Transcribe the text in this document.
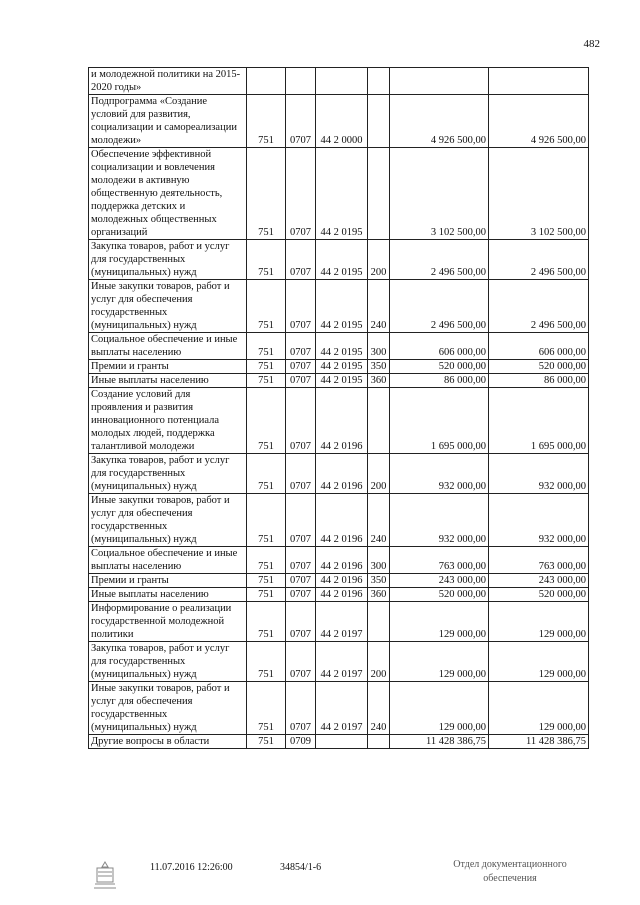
482
и молодежной политики на 2015-2020 годы»						
Подпрограмма «Создание условий для развития, социализации и самореализации молодежи»	751	0707	44 2 0000		4 926 500,00	4 926 500,00
Обеспечение эффективной социализации и вовлечения молодежи в активную общественную деятельность, поддержка детских и молодежных общественных организаций	751	0707	44 2 0195		3 102 500,00	3 102 500,00
Закупка товаров, работ и услуг для государственных (муниципальных) нужд	751	0707	44 2 0195	200	2 496 500,00	2 496 500,00
Иные закупки товаров, работ и услуг для обеспечения государственных (муниципальных) нужд	751	0707	44 2 0195	240	2 496 500,00	2 496 500,00
Социальное обеспечение и иные выплаты населению	751	0707	44 2 0195	300	606 000,00	606 000,00
Премии и гранты	751	0707	44 2 0195	350	520 000,00	520 000,00
Иные выплаты населению	751	0707	44 2 0195	360	86 000,00	86 000,00
Создание условий для проявления и развития инновационного потенциала молодых людей, поддержка талантливой молодежи	751	0707	44 2 0196		1 695 000,00	1 695 000,00
Закупка товаров, работ и услуг для государственных (муниципальных) нужд	751	0707	44 2 0196	200	932 000,00	932 000,00
Иные закупки товаров, работ и услуг для обеспечения государственных (муниципальных) нужд	751	0707	44 2 0196	240	932 000,00	932 000,00
Социальное обеспечение и иные выплаты населению	751	0707	44 2 0196	300	763 000,00	763 000,00
Премии и гранты	751	0707	44 2 0196	350	243 000,00	243 000,00
Иные выплаты населению	751	0707	44 2 0196	360	520 000,00	520 000,00
Информирование о реализации государственной молодежной политики	751	0707	44 2 0197		129 000,00	129 000,00
Закупка товаров, работ и услуг для государственных (муниципальных) нужд	751	0707	44 2 0197	200	129 000,00	129 000,00
Иные закупки товаров, работ и услуг для обеспечения государственных (муниципальных) нужд	751	0707	44 2 0197	240	129 000,00	129 000,00
Другие вопросы в области	751	0709			11 428 386,75	11 428 386,75
11.07.2016 12:26:00	34854/1-6	Отдел документационного
обеспечения
